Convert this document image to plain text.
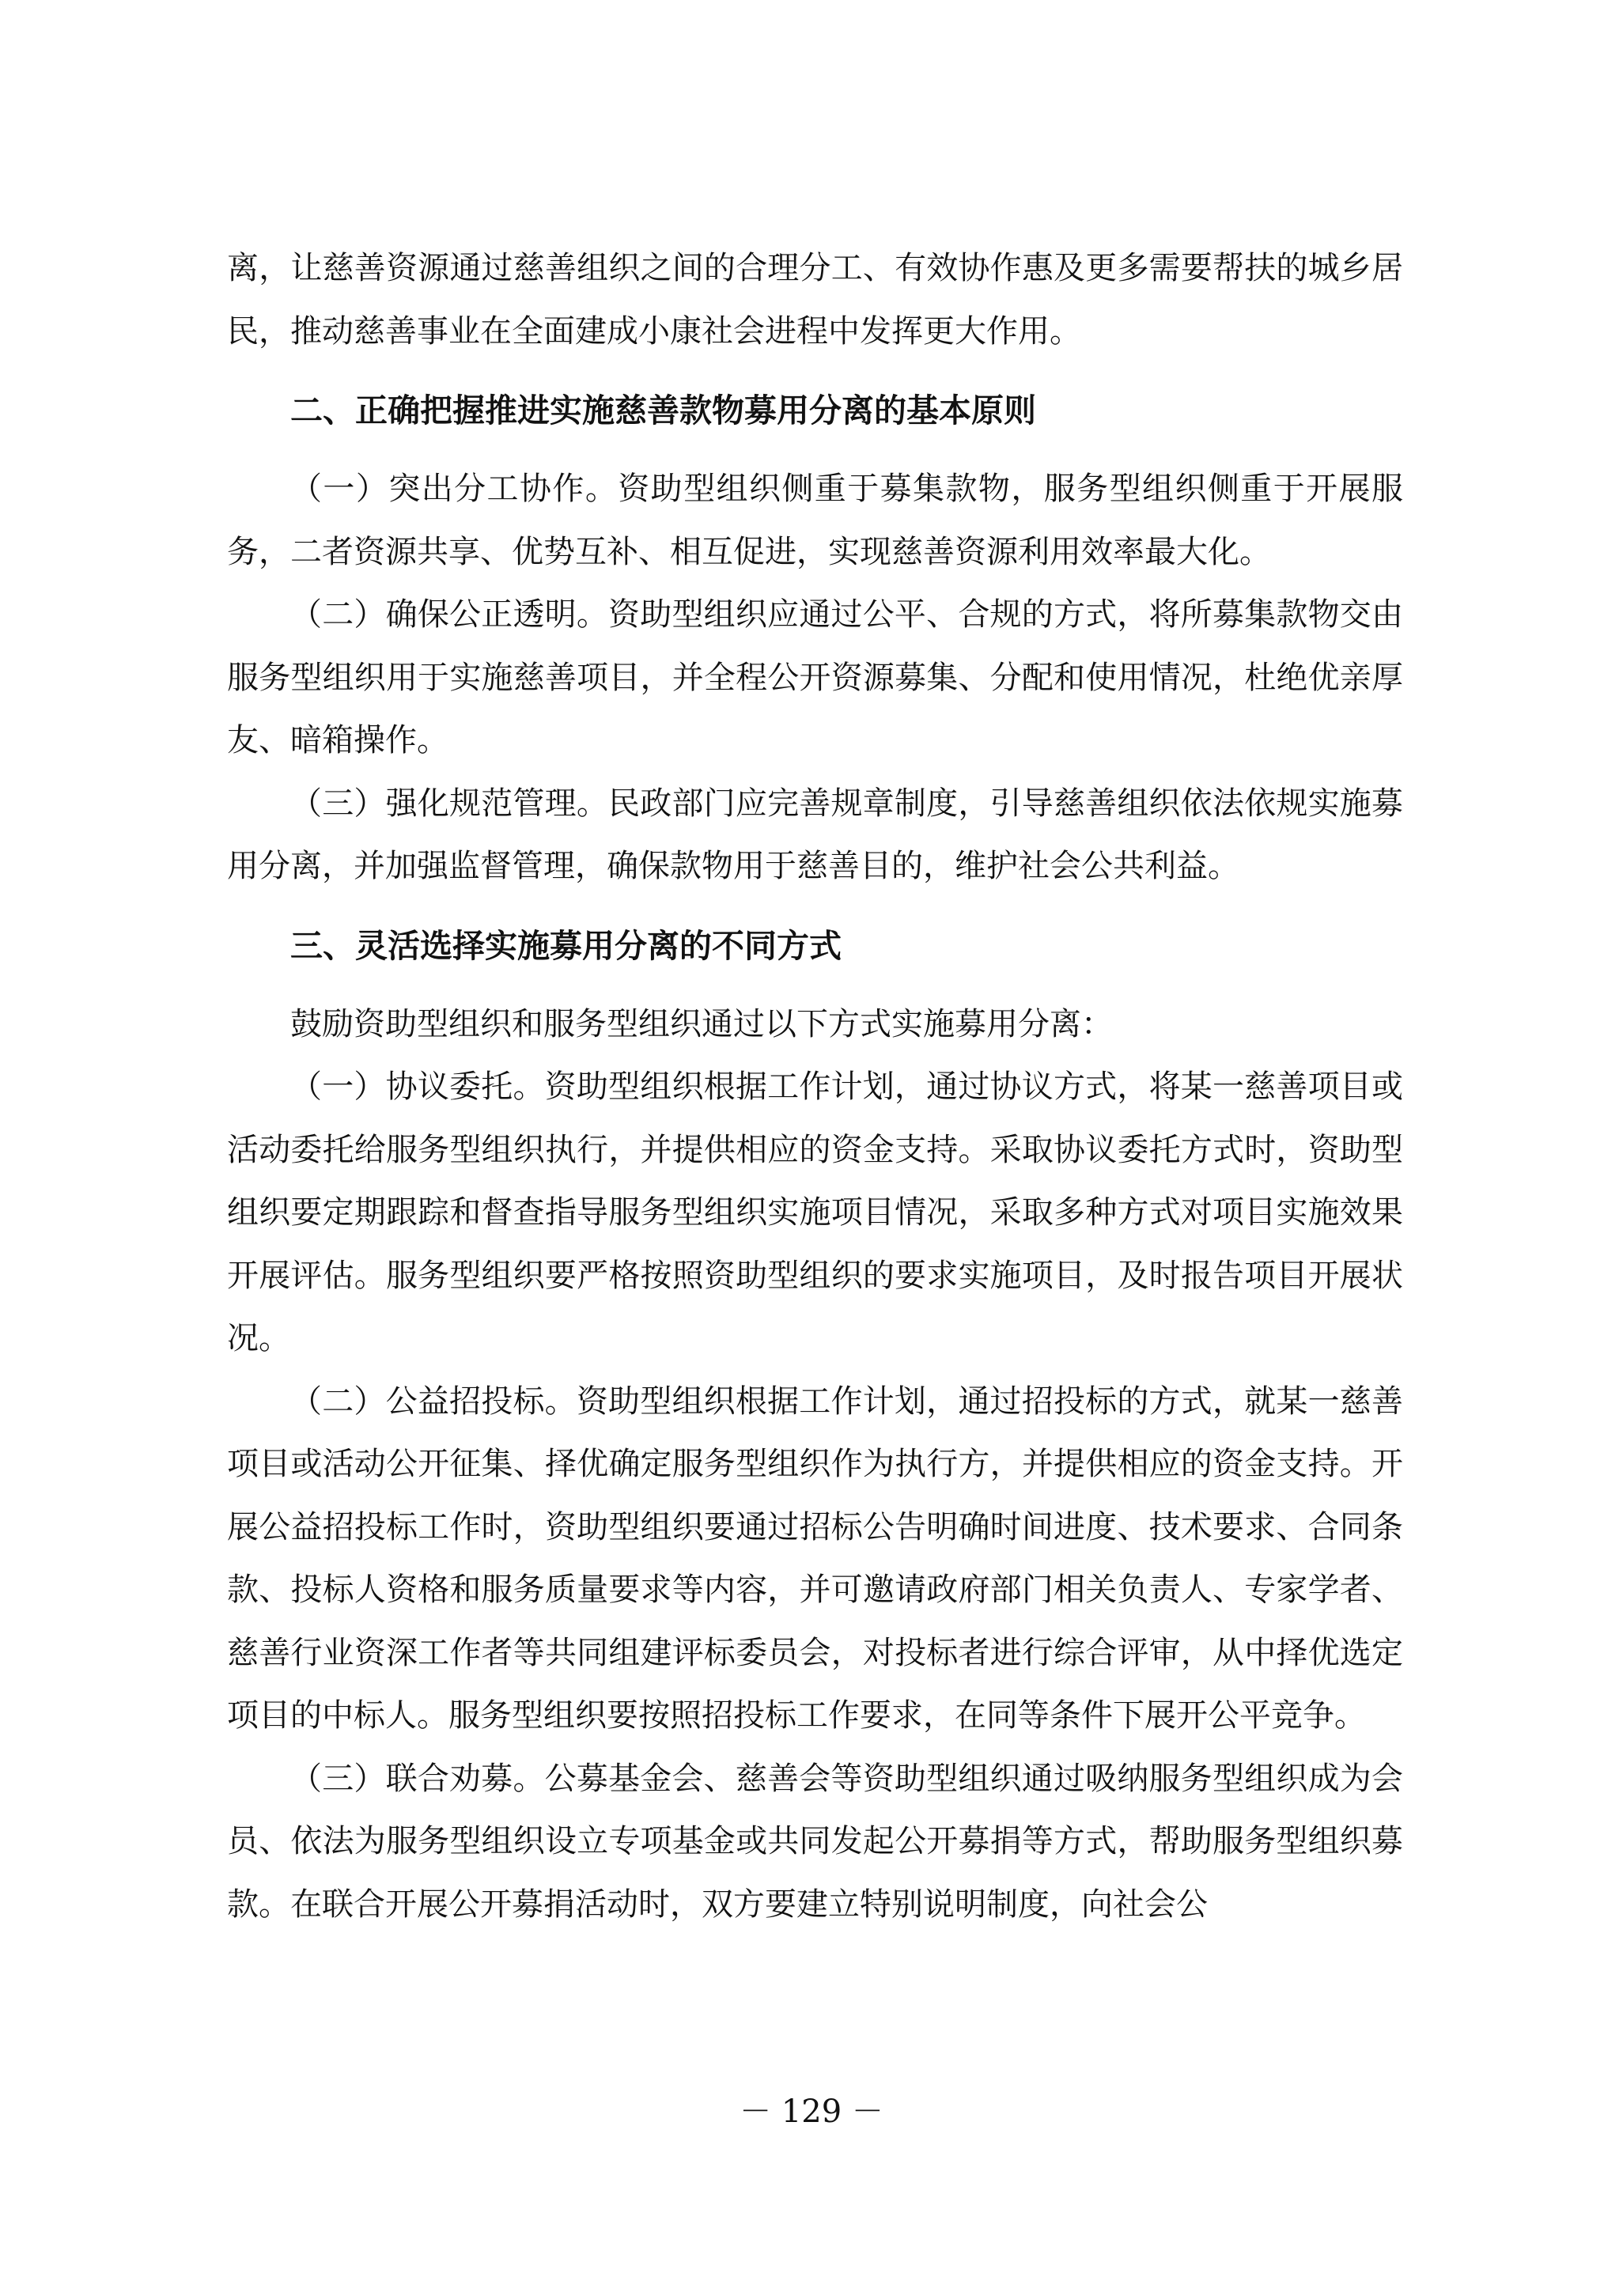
离，让慈善资源通过慈善组织之间的合理分工、有效协作惠及更多需要帮扶的城乡居民，推动慈善事业在全面建成小康社会进程中发挥更大作用。

二、正确把握推进实施慈善款物募用分离的基本原则

（一）突出分工协作。资助型组织侧重于募集款物，服务型组织侧重于开展服务，二者资源共享、优势互补、相互促进，实现慈善资源利用效率最大化。

（二）确保公正透明。资助型组织应通过公平、合规的方式，将所募集款物交由服务型组织用于实施慈善项目，并全程公开资源募集、分配和使用情况，杜绝优亲厚友、暗箱操作。

（三）强化规范管理。民政部门应完善规章制度，引导慈善组织依法依规实施募用分离，并加强监督管理，确保款物用于慈善目的，维护社会公共利益。

三、灵活选择实施募用分离的不同方式

鼓励资助型组织和服务型组织通过以下方式实施募用分离：

（一）协议委托。资助型组织根据工作计划，通过协议方式，将某一慈善项目或活动委托给服务型组织执行，并提供相应的资金支持。采取协议委托方式时，资助型组织要定期跟踪和督查指导服务型组织实施项目情况，采取多种方式对项目实施效果开展评估。服务型组织要严格按照资助型组织的要求实施项目，及时报告项目开展状况。

（二）公益招投标。资助型组织根据工作计划，通过招投标的方式，就某一慈善项目或活动公开征集、择优确定服务型组织作为执行方，并提供相应的资金支持。开展公益招投标工作时，资助型组织要通过招标公告明确时间进度、技术要求、合同条款、投标人资格和服务质量要求等内容，并可邀请政府部门相关负责人、专家学者、慈善行业资深工作者等共同组建评标委员会，对投标者进行综合评审，从中择优选定项目的中标人。服务型组织要按照招投标工作要求，在同等条件下展开公平竞争。

（三）联合劝募。公募基金会、慈善会等资助型组织通过吸纳服务型组织成为会员、依法为服务型组织设立专项基金或共同发起公开募捐等方式，帮助服务型组织募款。在联合开展公开募捐活动时，双方要建立特别说明制度，向社会公

－ 129 －
